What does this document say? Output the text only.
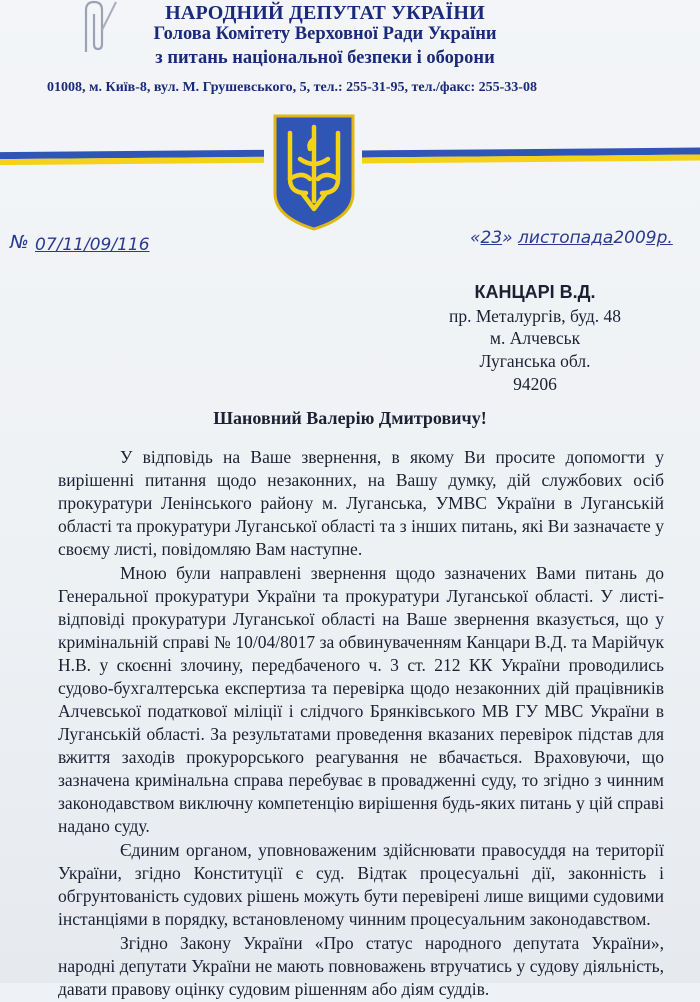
НАРОДНИЙ ДЕПУТАТ УКРАЇНИ
Голова Комітету Верховної Ради України
з питань національної безпеки і оборони
01008, м. Київ-8, вул. М. Грушевського, 5, тел.: 255-31-95, тел./факс: 255-33-08
№ 07/11/09/116	«23» листопада2009р.
КАНЦАРІ В.Д.
пр. Металургів, буд. 48
м. Алчевськ
Луганська обл.
94206
Шановний Валерію Дмитровичу!

У відповідь на Ваше звернення, в якому Ви просите допомогти у вирішенні питання щодо незаконних, на Вашу думку, дій службових осіб прокуратури Ленінського району м. Луганська, УМВС України в Луганській області та прокуратури Луганської області та з інших питань, які Ви зазначаєте у своєму листі, повідомляю Вам наступне.

Мною були направлені звернення щодо зазначених Вами питань до Генеральної прокуратури України та прокуратури Луганської області. У листі-відповіді прокуратури Луганської області на Ваше звернення вказується, що у кримінальній справі № 10/04/8017 за обвинуваченням Канцари В.Д. та Марійчук Н.В. у скоєнні злочину, передбаченого ч. 3 ст. 212 КК України проводились судово-бухгалтерська експертиза та перевірка щодо незаконних дій працівників Алчевської податкової міліції і слідчого Брянківського МВ ГУ МВС України в Луганській області. За результатами проведення вказаних перевірок підстав для вжиття заходів прокурорського реагування не вбачається. Враховуючи, що зазначена кримінальна справа перебуває в провадженні суду, то згідно з чинним законодавством виключну компетенцію вирішення будь-яких питань у цій справі надано суду.

Єдиним органом, уповноваженим здійснювати правосуддя на території України, згідно Конституції є суд. Відтак процесуальні дії, законність і обгрунтованість судових рішень можуть бути перевірені лише вищими судовими інстанціями в порядку, встановленому чинним процесуальним законодавством.

Згідно Закону України «Про статус народного депутата України», народні депутати України не мають повноважень втручатись у судову діяльність, давати правову оцінку судовим рішенням або діям суддів.
